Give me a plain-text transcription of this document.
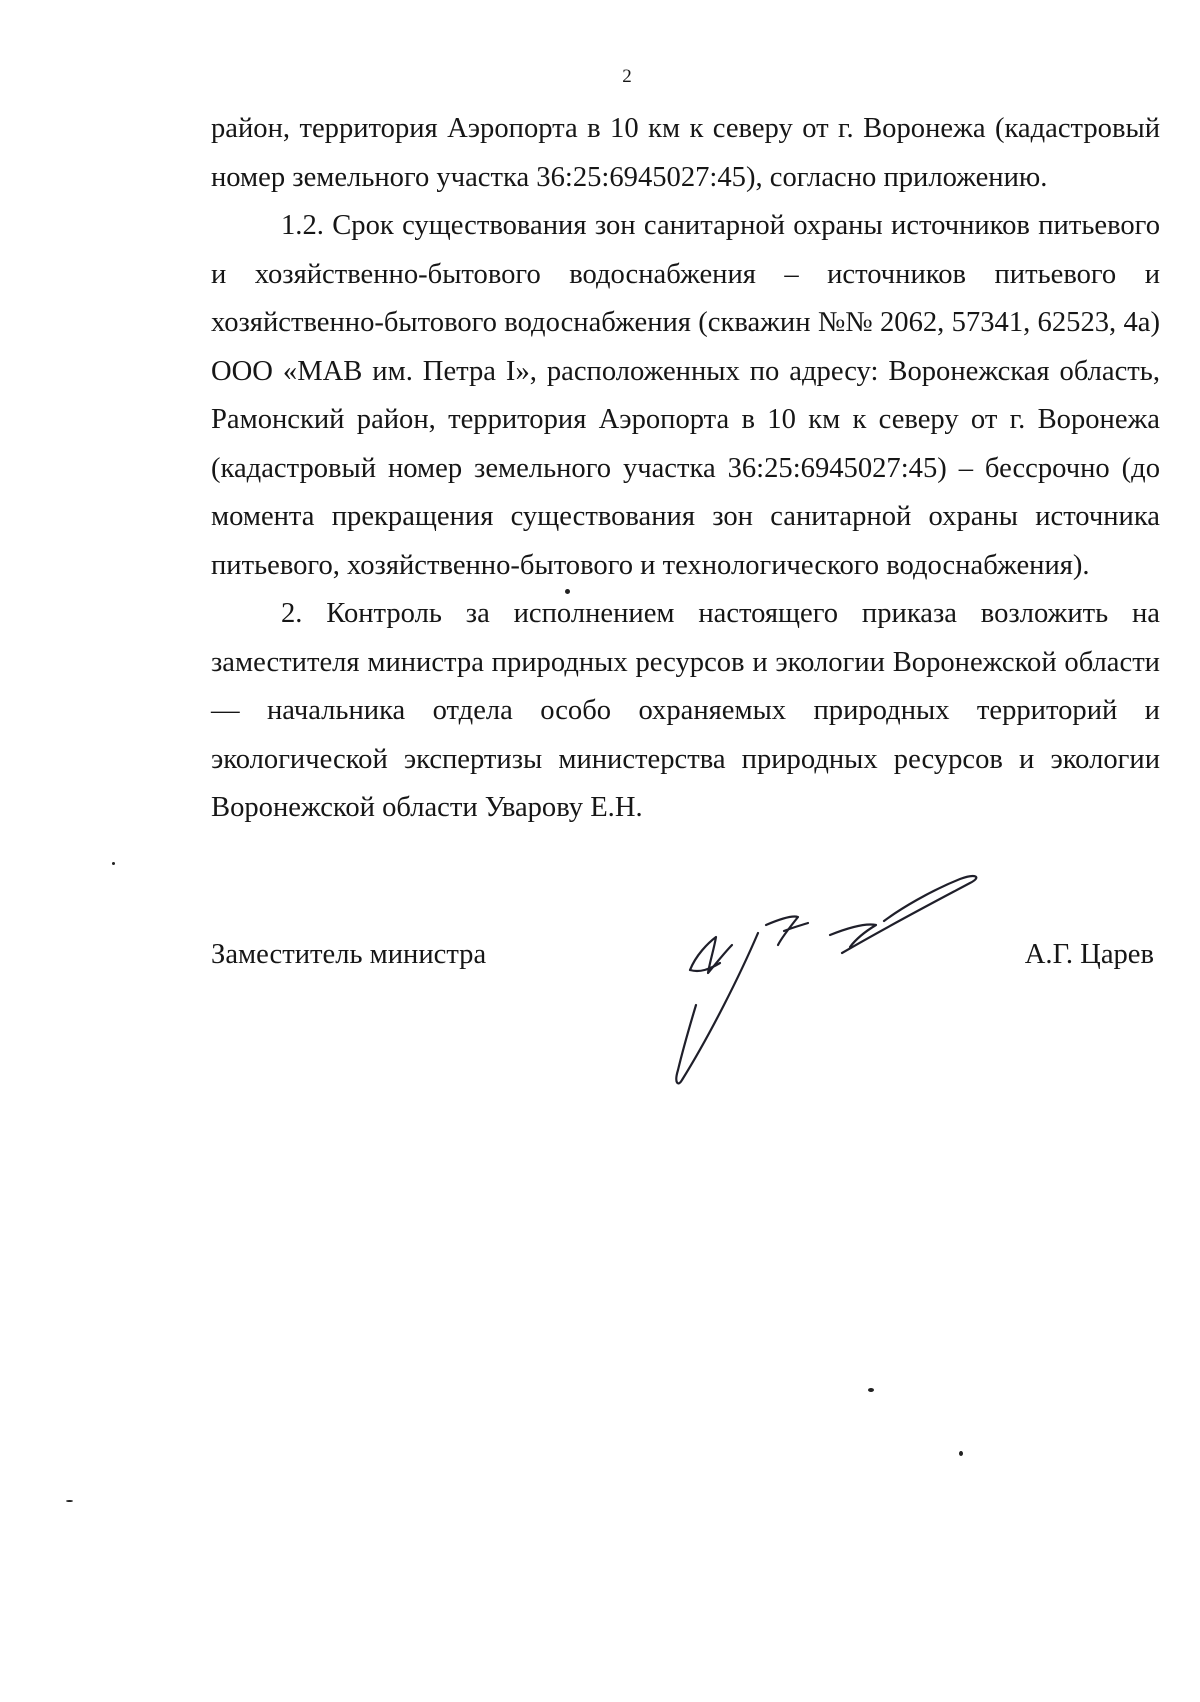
2

район, территория Аэропорта в 10 км к северу от г. Воронежа (кадастровый номер земельного участка 36:25:6945027:45), согласно приложению.

1.2. Срок существования зон санитарной охраны источников питьевого и хозяйственно-бытового водоснабжения – источников питьевого и хозяйственно-бытового водоснабжения (скважин №№ 2062, 57341, 62523, 4а) ООО «МАВ им. Петра I», расположенных по адресу: Воронежская область, Рамонский район, территория Аэропорта в 10 км к северу от г. Воронежа (кадастровый номер земельного участка 36:25:6945027:45) – бессрочно (до момента прекращения существования зон санитарной охраны источника питьевого, хозяйственно-бытового и технологического водоснабжения).

2. Контроль за исполнением настоящего приказа возложить на заместителя министра природных ресурсов и экологии Воронежской области — начальника отдела особо охраняемых природных территорий и экологической экспертизы министерства природных ресурсов и экологии Воронежской области Уварову Е.Н.

Заместитель министра	А.Г. Царев
